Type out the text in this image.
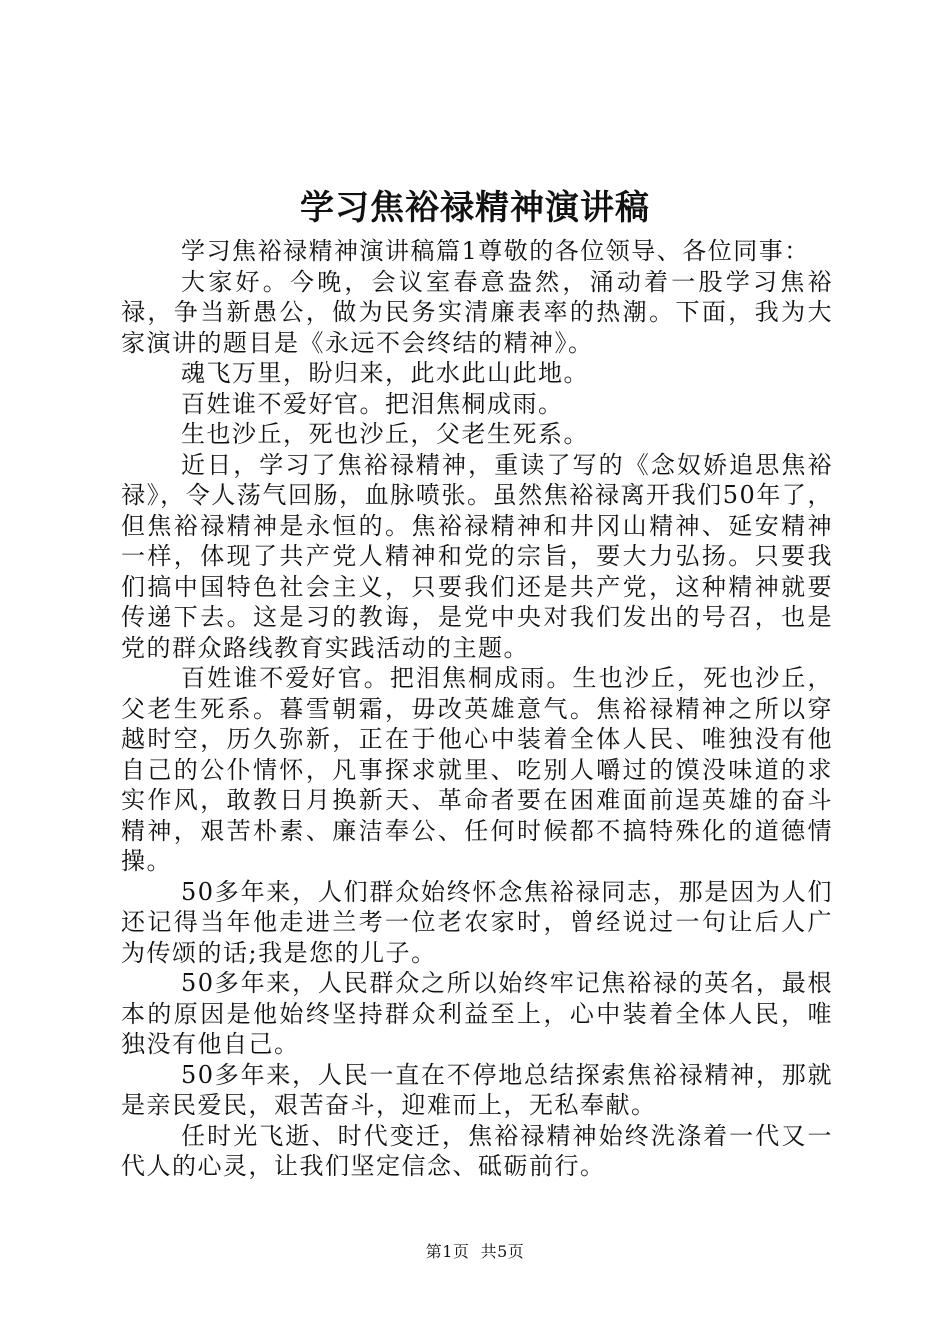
学习焦裕禄精神演讲稿

学习焦裕禄精神演讲稿篇1尊敬的各位领导、各位同事：

大家好。今晚，会议室春意盎然，涌动着一股学习焦裕禄，争当新愚公，做为民务实清廉表率的热潮。下面，我为大家演讲的题目是《永远不会终结的精神》。

魂飞万里，盼归来，此水此山此地。

百姓谁不爱好官。把泪焦桐成雨。

生也沙丘，死也沙丘，父老生死系。

近日，学习了焦裕禄精神，重读了写的《念奴娇追思焦裕禄》，令人荡气回肠，血脉喷张。虽然焦裕禄离开我们50年了，但焦裕禄精神是永恒的。焦裕禄精神和井冈山精神、延安精神一样，体现了共产党人精神和党的宗旨，要大力弘扬。只要我们搞中国特色社会主义，只要我们还是共产党，这种精神就要传递下去。这是习的教诲，是党中央对我们发出的号召，也是党的群众路线教育实践活动的主题。

百姓谁不爱好官。把泪焦桐成雨。生也沙丘，死也沙丘，父老生死系。暮雪朝霜，毋改英雄意气。焦裕禄精神之所以穿越时空，历久弥新，正在于他心中装着全体人民、唯独没有他自己的公仆情怀，凡事探求就里、吃别人嚼过的馍没味道的求实作风，敢教日月换新天、革命者要在困难面前逞英雄的奋斗精神，艰苦朴素、廉洁奉公、任何时候都不搞特殊化的道德情操。

50多年来，人们群众始终怀念焦裕禄同志，那是因为人们还记得当年他走进兰考一位老农家时，曾经说过一句让后人广为传颂的话;我是您的儿子。

50多年来，人民群众之所以始终牢记焦裕禄的英名，最根本的原因是他始终坚持群众利益至上，心中装着全体人民，唯独没有他自己。

50多年来，人民一直在不停地总结探索焦裕禄精神，那就是亲民爱民，艰苦奋斗，迎难而上，无私奉献。

任时光飞逝、时代变迁，焦裕禄精神始终洗涤着一代又一代人的心灵，让我们坚定信念、砥砺前行。

第1页 共5页
